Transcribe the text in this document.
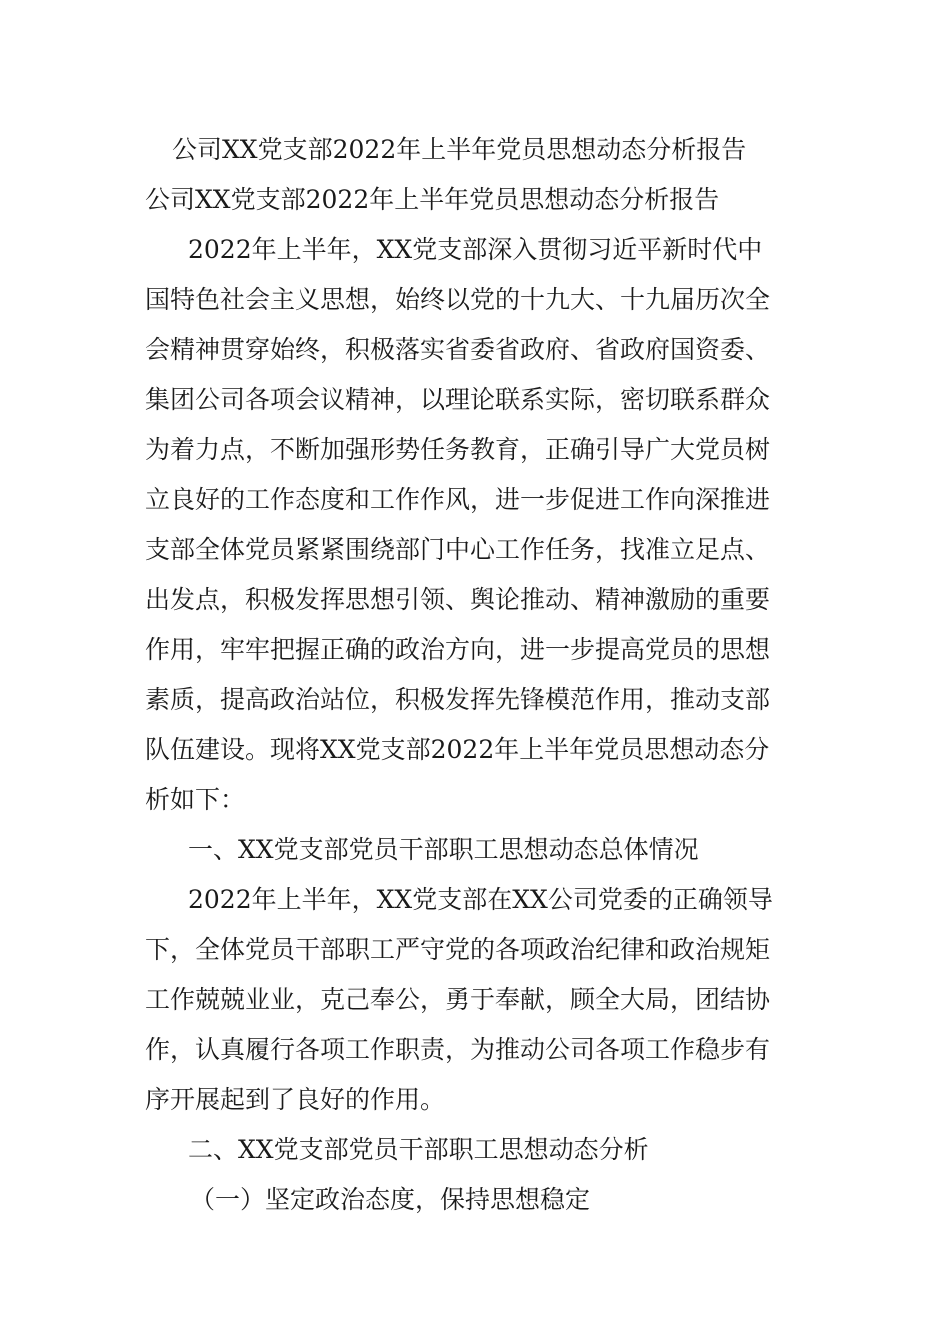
公司XX党支部2022年上半年党员思想动态分析报告
公司XX党支部2022年上半年党员思想动态分析报告
2022年上半年，XX党支部深入贯彻习近平新时代中
国特色社会主义思想，始终以党的十九大、十九届历次全
会精神贯穿始终，积极落实省委省政府、省政府国资委、
集团公司各项会议精神，以理论联系实际，密切联系群众
为着力点，不断加强形势任务教育，正确引导广大党员树
立良好的工作态度和工作作风，进一步促进工作向深推进
支部全体党员紧紧围绕部门中心工作任务，找准立足点、
出发点，积极发挥思想引领、舆论推动、精神激励的重要
作用，牢牢把握正确的政治方向，进一步提高党员的思想
素质，提高政治站位，积极发挥先锋模范作用，推动支部
队伍建设。现将XX党支部2022年上半年党员思想动态分
析如下：
一、XX党支部党员干部职工思想动态总体情况
2022年上半年，XX党支部在XX公司党委的正确领导
下，全体党员干部职工严守党的各项政治纪律和政治规矩
工作兢兢业业，克己奉公，勇于奉献，顾全大局，团结协
作，认真履行各项工作职责，为推动公司各项工作稳步有
序开展起到了良好的作用。
二、XX党支部党员干部职工思想动态分析
（一）坚定政治态度，保持思想稳定
